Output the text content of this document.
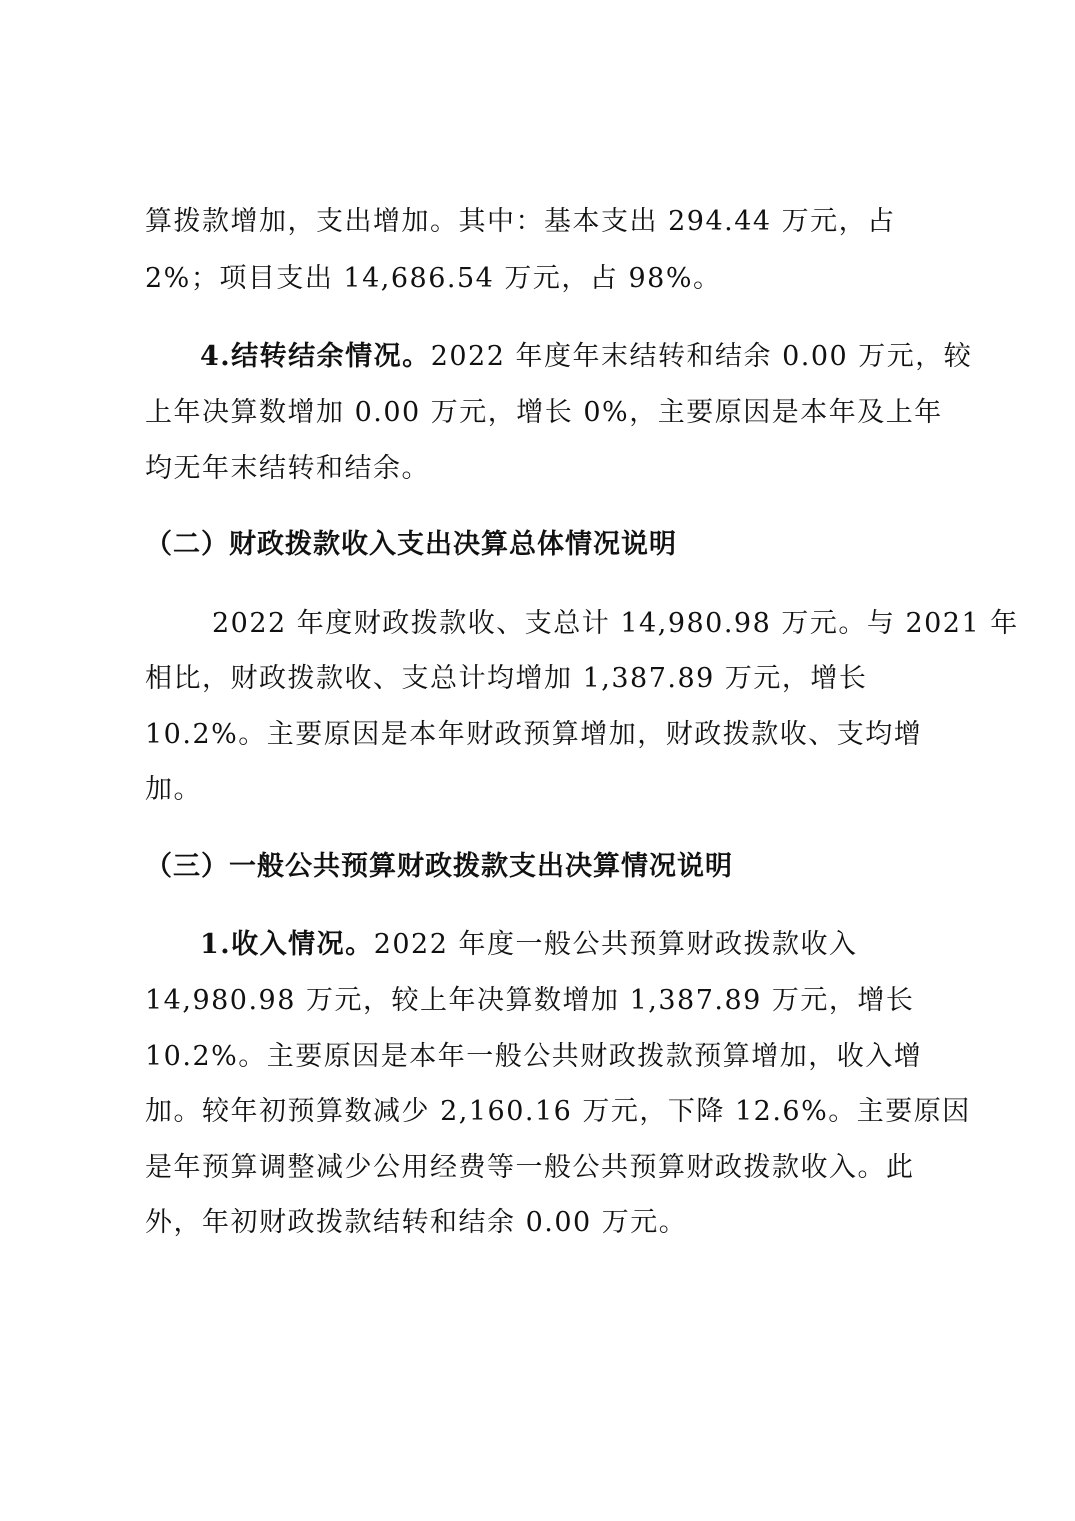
算拨款增加，支出增加。其中：基本支出 294.44 万元，占
2%；项目支出 14,686.54 万元，占 98%。
4.结转结余情况。2022 年度年末结转和结余 0.00 万元，较
上年决算数增加 0.00 万元，增长 0%，主要原因是本年及上年
均无年末结转和结余。
（二）财政拨款收入支出决算总体情况说明
2022 年度财政拨款收、支总计 14,980.98 万元。与 2021 年
相比，财政拨款收、支总计均增加 1,387.89 万元，增长
10.2%。主要原因是本年财政预算增加，财政拨款收、支均增
加。
（三）一般公共预算财政拨款支出决算情况说明
1.收入情况。2022 年度一般公共预算财政拨款收入
14,980.98 万元，较上年决算数增加 1,387.89 万元，增长
10.2%。主要原因是本年一般公共财政拨款预算增加，收入增
加。较年初预算数减少 2,160.16 万元，下降 12.6%。主要原因
是年预算调整减少公用经费等一般公共预算财政拨款收入。此
外，年初财政拨款结转和结余 0.00 万元。
